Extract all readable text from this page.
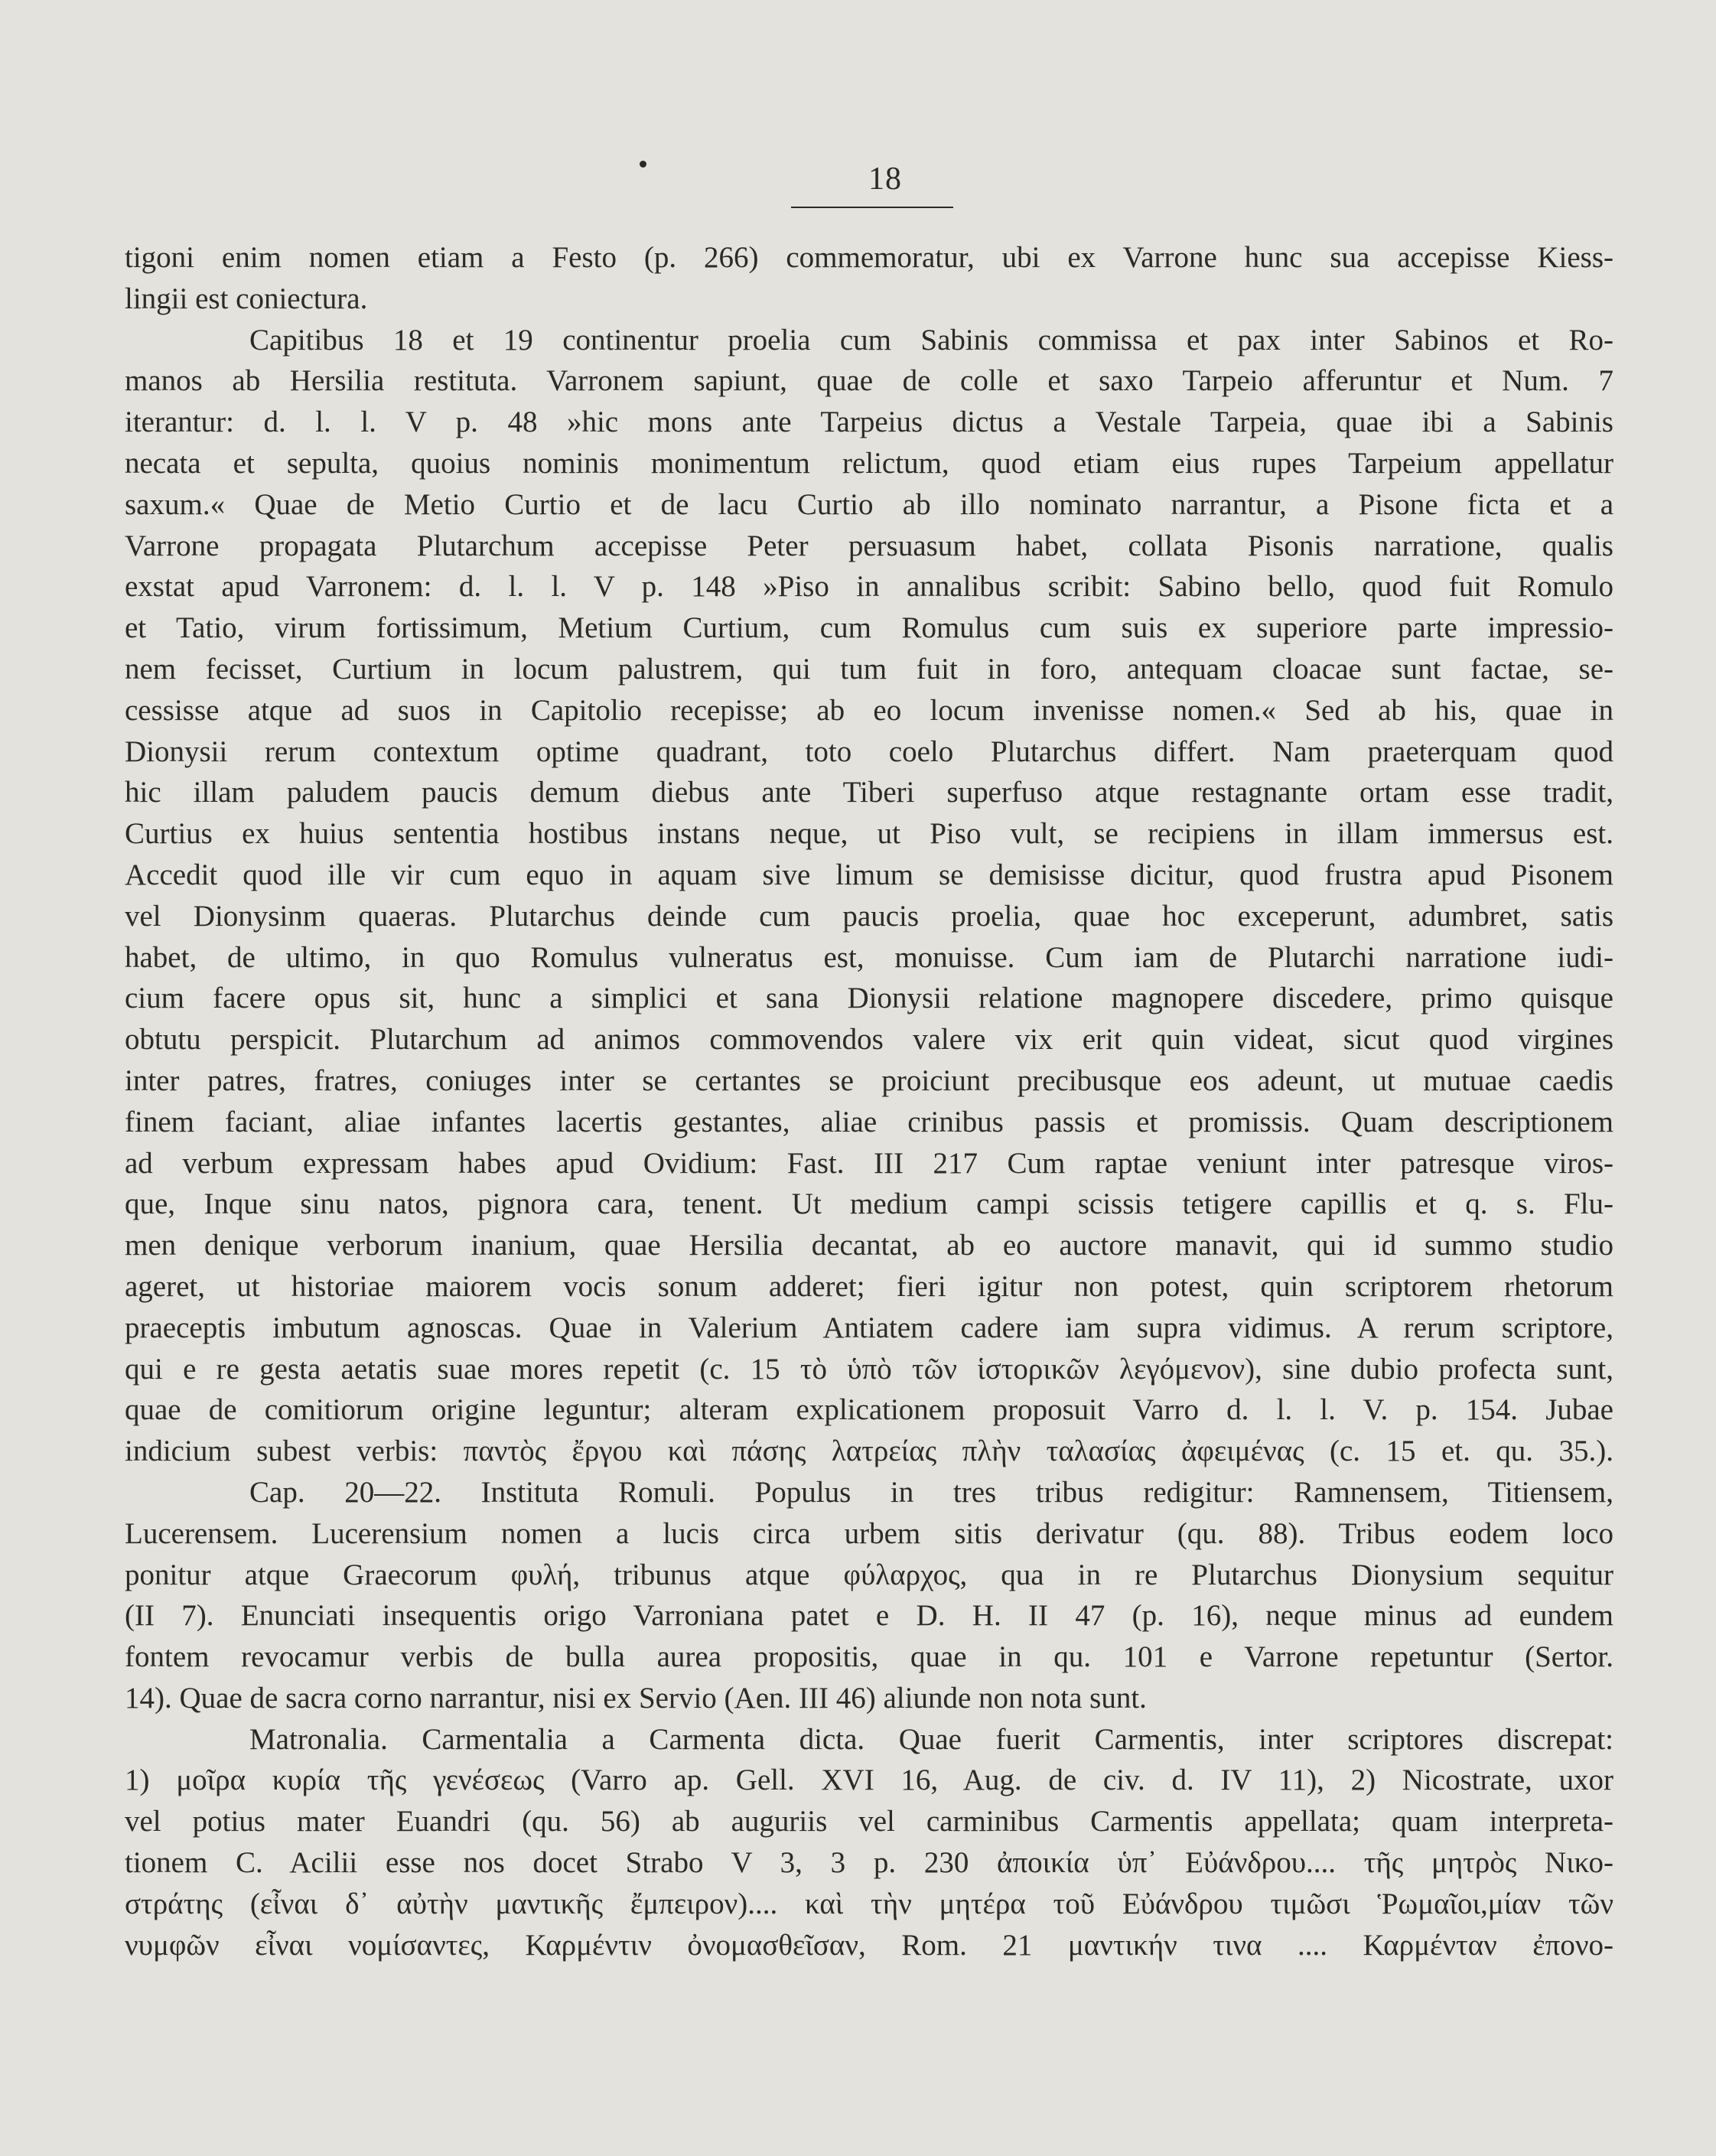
18
tigoni enim nomen etiam a Festo (p. 266) commemoratur, ubi ex Varrone hunc sua accepisse Kiess-
lingii est coniectura.
Capitibus 18 et 19 continentur proelia cum Sabinis commissa et pax inter Sabinos et Ro-
manos ab Hersilia restituta. Varronem sapiunt, quae de colle et saxo Tarpeio afferuntur et Num. 7
iterantur: d. l. l. V p. 48 »hic mons ante Tarpeius dictus a Vestale Tarpeia, quae ibi a Sabinis
necata et sepulta, quoius nominis monimentum relictum, quod etiam eius rupes Tarpeium appellatur
saxum.« Quae de Metio Curtio et de lacu Curtio ab illo nominato narrantur, a Pisone ficta et a
Varrone propagata Plutarchum accepisse Peter persuasum habet, collata Pisonis narratione, qualis
exstat apud Varronem: d. l. l. V p. 148 »Piso in annalibus scribit: Sabino bello, quod fuit Romulo
et Tatio, virum fortissimum, Metium Curtium, cum Romulus cum suis ex superiore parte impressio-
nem fecisset, Curtium in locum palustrem, qui tum fuit in foro, antequam cloacae sunt factae, se-
cessisse atque ad suos in Capitolio recepisse; ab eo locum invenisse nomen.« Sed ab his, quae in
Dionysii rerum contextum optime quadrant, toto coelo Plutarchus differt. Nam praeterquam quod
hic illam paludem paucis demum diebus ante Tiberi superfuso atque restagnante ortam esse tradit,
Curtius ex huius sententia hostibus instans neque, ut Piso vult, se recipiens in illam immersus est.
Accedit quod ille vir cum equo in aquam sive limum se demisisse dicitur, quod frustra apud Pisonem
vel Dionysinm quaeras. Plutarchus deinde cum paucis proelia, quae hoc exceperunt, adumbret, satis
habet, de ultimo, in quo Romulus vulneratus est, monuisse. Cum iam de Plutarchi narratione iudi-
cium facere opus sit, hunc a simplici et sana Dionysii relatione magnopere discedere, primo quisque
obtutu perspicit. Plutarchum ad animos commovendos valere vix erit quin videat, sicut quod virgines
inter patres, fratres, coniuges inter se certantes se proiciunt precibusque eos adeunt, ut mutuae caedis
finem faciant, aliae infantes lacertis gestantes, aliae crinibus passis et promissis. Quam descriptionem
ad verbum expressam habes apud Ovidium: Fast. III 217 Cum raptae veniunt inter patresque viros-
que, Inque sinu natos, pignora cara, tenent. Ut medium campi scissis tetigere capillis et q. s. Flu-
men denique verborum inanium, quae Hersilia decantat, ab eo auctore manavit, qui id summo studio
ageret, ut historiae maiorem vocis sonum adderet; fieri igitur non potest, quin scriptorem rhetorum
praeceptis imbutum agnoscas. Quae in Valerium Antiatem cadere iam supra vidimus. A rerum scriptore,
qui e re gesta aetatis suae mores repetit (c. 15 τὸ ὑπὸ τῶν ἱστορικῶν λεγόμενον), sine dubio profecta sunt,
quae de comitiorum origine leguntur; alteram explicationem proposuit Varro d. l. l. V. p. 154. Jubae
indicium subest verbis: παντὸς ἔργου καὶ πάσης λατρείας πλὴν ταλασίας ἀφειμένας (c. 15 et. qu. 35.).
Cap. 20—22. Instituta Romuli. Populus in tres tribus redigitur: Ramnensem, Titiensem,
Lucerensem. Lucerensium nomen a lucis circa urbem sitis derivatur (qu. 88). Tribus eodem loco
ponitur atque Graecorum φυλή, tribunus atque φύλαρχος, qua in re Plutarchus Dionysium sequitur
(II 7). Enunciati insequentis origo Varroniana patet e D. H. II 47 (p. 16), neque minus ad eundem
fontem revocamur verbis de bulla aurea propositis, quae in qu. 101 e Varrone repetuntur (Sertor.
14). Quae de sacra corno narrantur, nisi ex Servio (Aen. III 46) aliunde non nota sunt.
Matronalia. Carmentalia a Carmenta dicta. Quae fuerit Carmentis, inter scriptores discrepat:
1) μοῖρα κυρία τῆς γενέσεως (Varro ap. Gell. XVI 16, Aug. de civ. d. IV 11), 2) Nicostrate, uxor
vel potius mater Euandri (qu. 56) ab auguriis vel carminibus Carmentis appellata; quam interpreta-
tionem C. Acilii esse nos docet Strabo V 3, 3 p. 230 ἀποικία ὑπ᾽ Εὐάνδρου.... τῆς μητρὸς Νικο-
στράτης (εἶναι δ᾽ αὐτὴν μαντικῆς ἔμπειρον).... καὶ τὴν μητέρα τοῦ Εὐάνδρου τιμῶσι Ῥωμαῖοι,μίαν τῶν
νυμφῶν εἶναι νομίσαντες, Καρμέντιν ὀνομασθεῖσαν, Rom. 21 μαντικήν τινα .... Καρμένταν ἐπονο-
